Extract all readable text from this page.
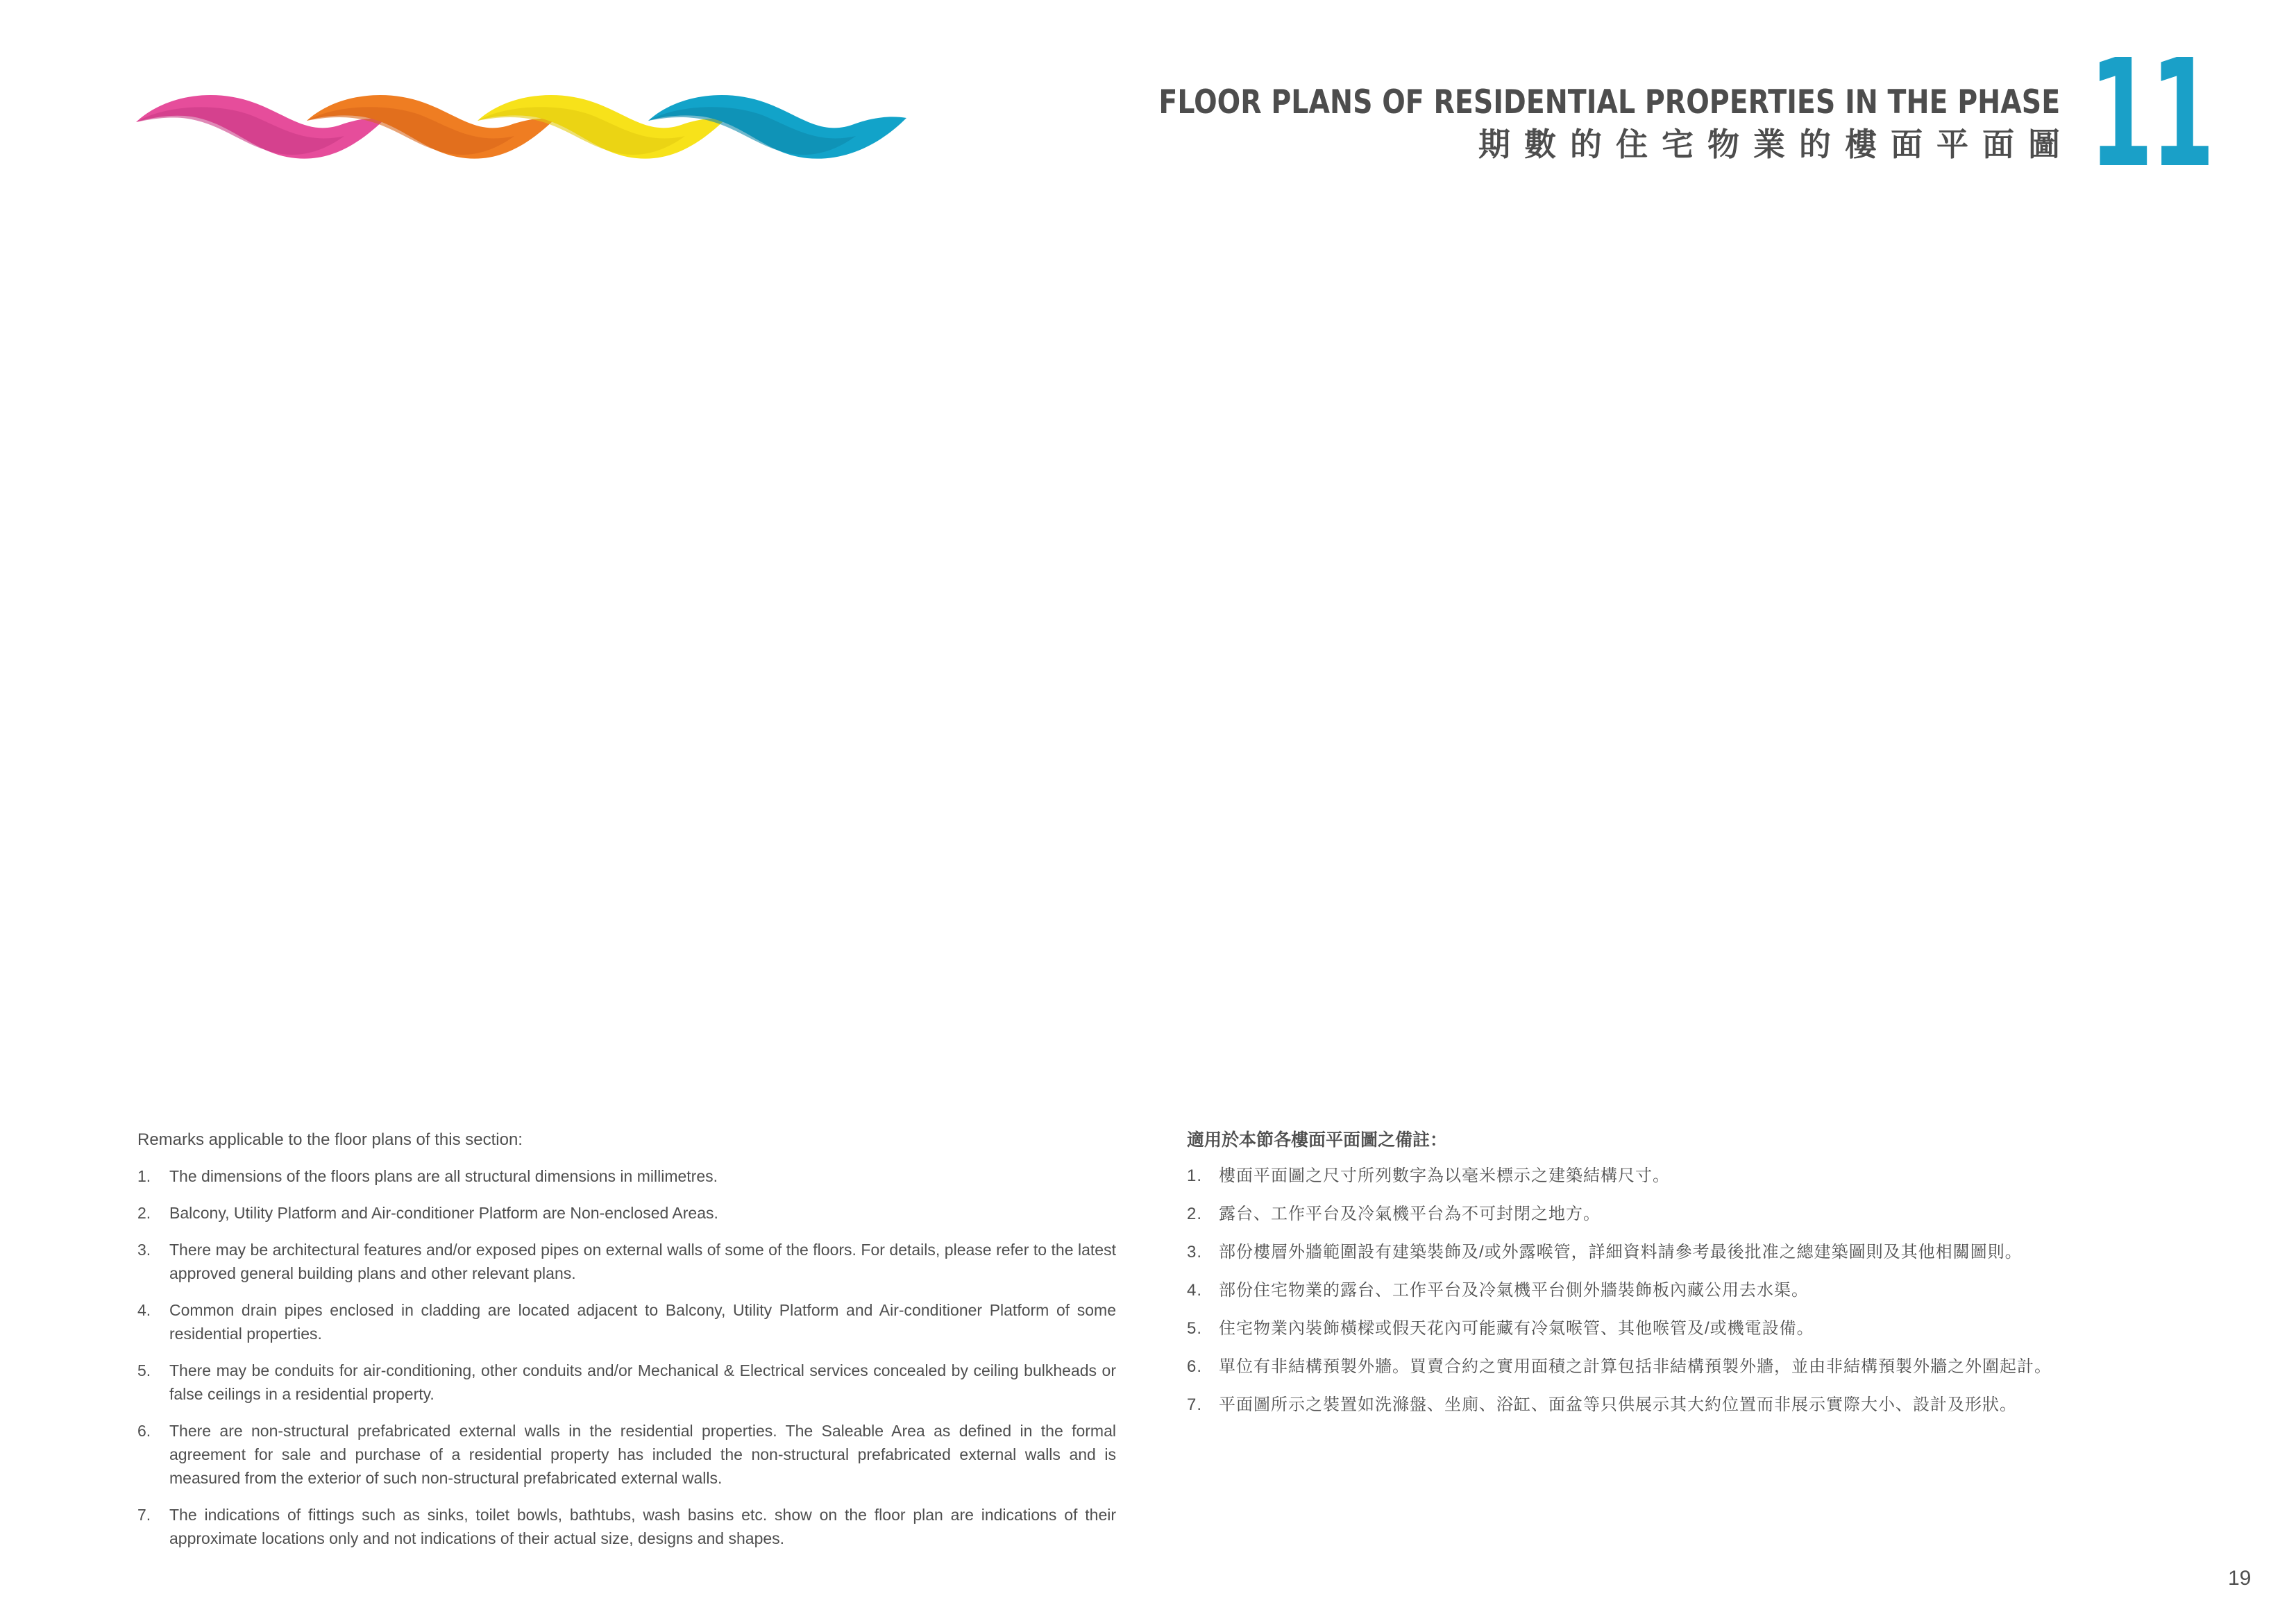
FLOOR PLANS OF RESIDENTIAL PROPERTIES IN THE PHASE
期數的住宅物業的樓面平面圖 11
Remarks applicable to the floor plans of this section:
1. The dimensions of the floors plans are all structural dimensions in millimetres.
2. Balcony, Utility Platform and Air-conditioner Platform are Non-enclosed Areas.
3. There may be architectural features and/or exposed pipes on external walls of some of the floors. For details, please refer to the latest approved general building plans and other relevant plans.
4. Common drain pipes enclosed in cladding are located adjacent to Balcony, Utility Platform and Air-conditioner Platform of some residential properties.
5. There may be conduits for air-conditioning, other conduits and/or Mechanical & Electrical services concealed by ceiling bulkheads or false ceilings in a residential property.
6. There are non-structural prefabricated external walls in the residential properties. The Saleable Area as defined in the formal agreement for sale and purchase of a residential property has included the non-structural prefabricated external walls and is measured from the exterior of such non-structural prefabricated external walls.
7. The indications of fittings such as sinks, toilet bowls, bathtubs, wash basins etc. show on the floor plan are indications of their approximate locations only and not indications of their actual size, designs and shapes.
適用於本節各樓面平面圖之備註：
1. 樓面平面圖之尺寸所列數字為以毫米標示之建築結構尺寸。
2. 露台、工作平台及冷氣機平台為不可封閉之地方。
3. 部份樓層外牆範圍設有建築裝飾及/或外露喉管，詳細資料請參考最後批准之總建築圖則及其他相關圖則。
4. 部份住宅物業的露台、工作平台及冷氣機平台側外牆裝飾板內藏公用去水渠。
5. 住宅物業內裝飾橫樑或假天花內可能藏有冷氣喉管、其他喉管及/或機電設備。
6. 單位有非結構預製外牆。買賣合約之實用面積之計算包括非結構預製外牆，並由非結構預製外牆之外圍起計。
7. 平面圖所示之裝置如洗滌盤、坐廁、浴缸、面盆等只供展示其大約位置而非展示實際大小、設計及形狀。
19
